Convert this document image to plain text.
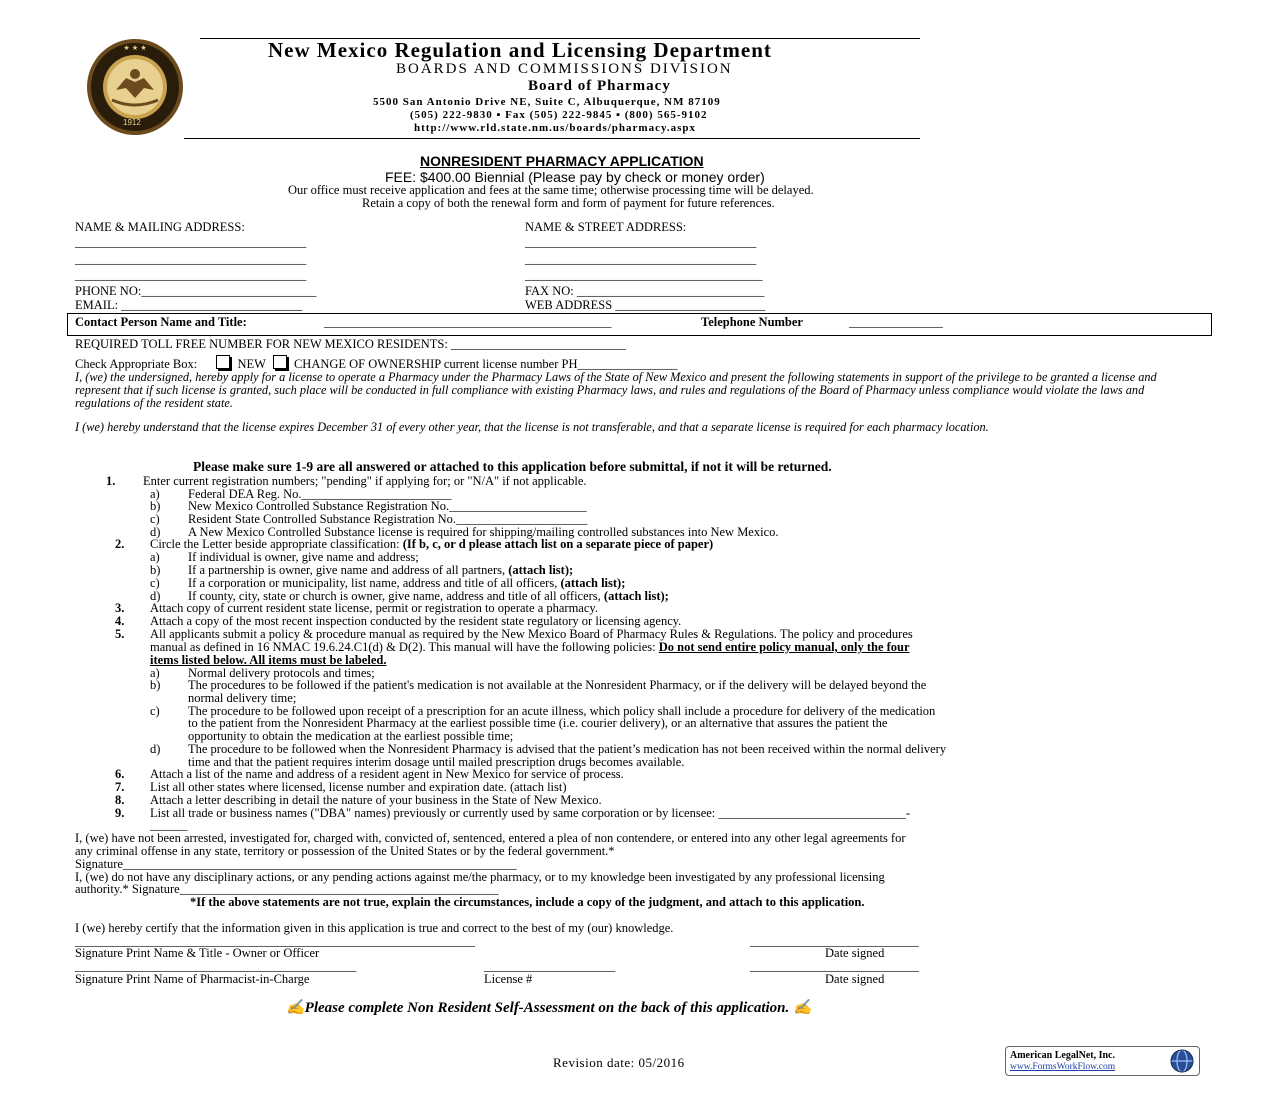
★ ★ ★
1912
New Mexico Regulation and Licensing Department
BOARDS AND COMMISSIONS DIVISION
Board of Pharmacy
5500 San Antonio Drive NE, Suite C, Albuquerque, NM 87109
(505) 222-9830 ▪ Fax (505) 222-9845 ▪ (800) 565-9102
http://www.rld.state.nm.us/boards/pharmacy.aspx
NONRESIDENT PHARMACY APPLICATION
FEE: $400.00 Biennial (Please pay by check or money order)
Our office must receive application and fees at the same time; otherwise processing time will be delayed.
Retain a copy of both the renewal form and form of payment for future references.
NAME & MAILING ADDRESS:	NAME & STREET ADDRESS:
_____________________________________
_____________________________________
_____________________________________
_____________________________________
_____________________________________
______________________________________
PHONE NO:____________________________	FAX NO: ______________________________
EMAIL: _____________________________	WEB ADDRESS ________________________
Contact Person Name and Title:	______________________________________________	Telephone Number	_______________
REQUIRED TOLL FREE NUMBER FOR NEW MEXICO RESIDENTS: ____________________________
Check Appropriate Box:	NEW CHANGE OF OWNERSHIP current license number PH________________
I, (we) the undersigned, hereby apply for a license to operate a Pharmacy under the Pharmacy Laws of the State of New Mexico and present the following statements in support of the privilege to be granted a license and represent that if such license is granted, such place will be conducted in full compliance with existing Pharmacy laws, and rules and regulations of the Board of Pharmacy unless compliance would violate the laws and regulations of the resident state.
I (we) hereby understand that the license expires December 31 of every other year, that the license is not transferable, and that a separate license is required for each pharmacy location.
Please make sure 1-9 are all answered or attached to this application before submittal, if not it will be returned.
1. Enter current registration numbers; "pending" if applying for; or "N/A" if not applicable.
a) Federal DEA Reg. No.________________________
b) New Mexico Controlled Substance Registration No.______________________
c) Resident State Controlled Substance Registration No._____________________
d) A New Mexico Controlled Substance license is required for shipping/mailing controlled substances into New Mexico.
2. Circle the Letter beside appropriate classification: (If b, c, or d please attach list on a separate piece of paper)
a) If individual is owner, give name and address;
b) If a partnership is owner, give name and address of all partners, (attach list);
c) If a corporation or municipality, list name, address and title of all officers, (attach list);
d) If county, city, state or church is owner, give name, address and title of all officers, (attach list);
3. Attach copy of current resident state license, permit or registration to operate a pharmacy.
4. Attach a copy of the most recent inspection conducted by the resident state regulatory or licensing agency.
5. All applicants submit a policy & procedure manual as required by the New Mexico Board of Pharmacy Rules & Regulations. The policy and procedures
manual as defined in 16 NMAC 19.6.24.C1(d) & D(2). This manual will have the following policies: Do not send entire policy manual, only the four
items listed below. All items must be labeled.
a) Normal delivery protocols and times;
b) The procedures to be followed if the patient's medication is not available at the Nonresident Pharmacy, or if the delivery will be delayed beyond the
normal delivery time;
c) The procedure to be followed upon receipt of a prescription for an acute illness, which policy shall include a procedure for delivery of the medication
to the patient from the Nonresident Pharmacy at the earliest possible time (i.e. courier delivery), or an alternative that assures the patient the
opportunity to obtain the medication at the earliest possible time;
d) The procedure to be followed when the Nonresident Pharmacy is advised that the patient’s medication has not been received within the normal delivery
time and that the patient requires interim dosage until mailed prescription drugs becomes available.
6. Attach a list of the name and address of a resident agent in New Mexico for service of process.
7. List all other states where licensed, license number and expiration date. (attach list)
8. Attach a letter describing in detail the nature of your business in the State of New Mexico.
9. List all trade or business names ("DBA" names) previously or currently used by same corporation or by licensee: ______________________________-
______
I, (we) have not been arrested, investigated for, charged with, convicted of, sentenced, entered a plea of non contendere, or entered into any other legal agreements for
any criminal offense in any state, territory or possession of the United States or by the federal government.*
Signature_______________________________________________________________
I, (we) do not have any disciplinary actions, or any pending actions against me/the pharmacy, or to my knowledge been investigated by any professional licensing
authority.* Signature___________________________________________________
*If the above statements are not true, explain the circumstances, include a copy of the judgment, and attach to this application.
I (we) hereby certify that the information given in this application is true and correct to the best of my (our) knowledge.
________________________________________________________________	___________________________
Signature Print Name & Title - Owner or Officer	Date signed
_____________________________________________	_____________________	___________________________
Signature Print Name of Pharmacist-in-Charge	License #	Date signed
✍Please complete Non Resident Self-Assessment on the back of this application. ✍
Revision date: 05/2016	American LegalNet, Inc.
www.FormsWorkFlow.com
